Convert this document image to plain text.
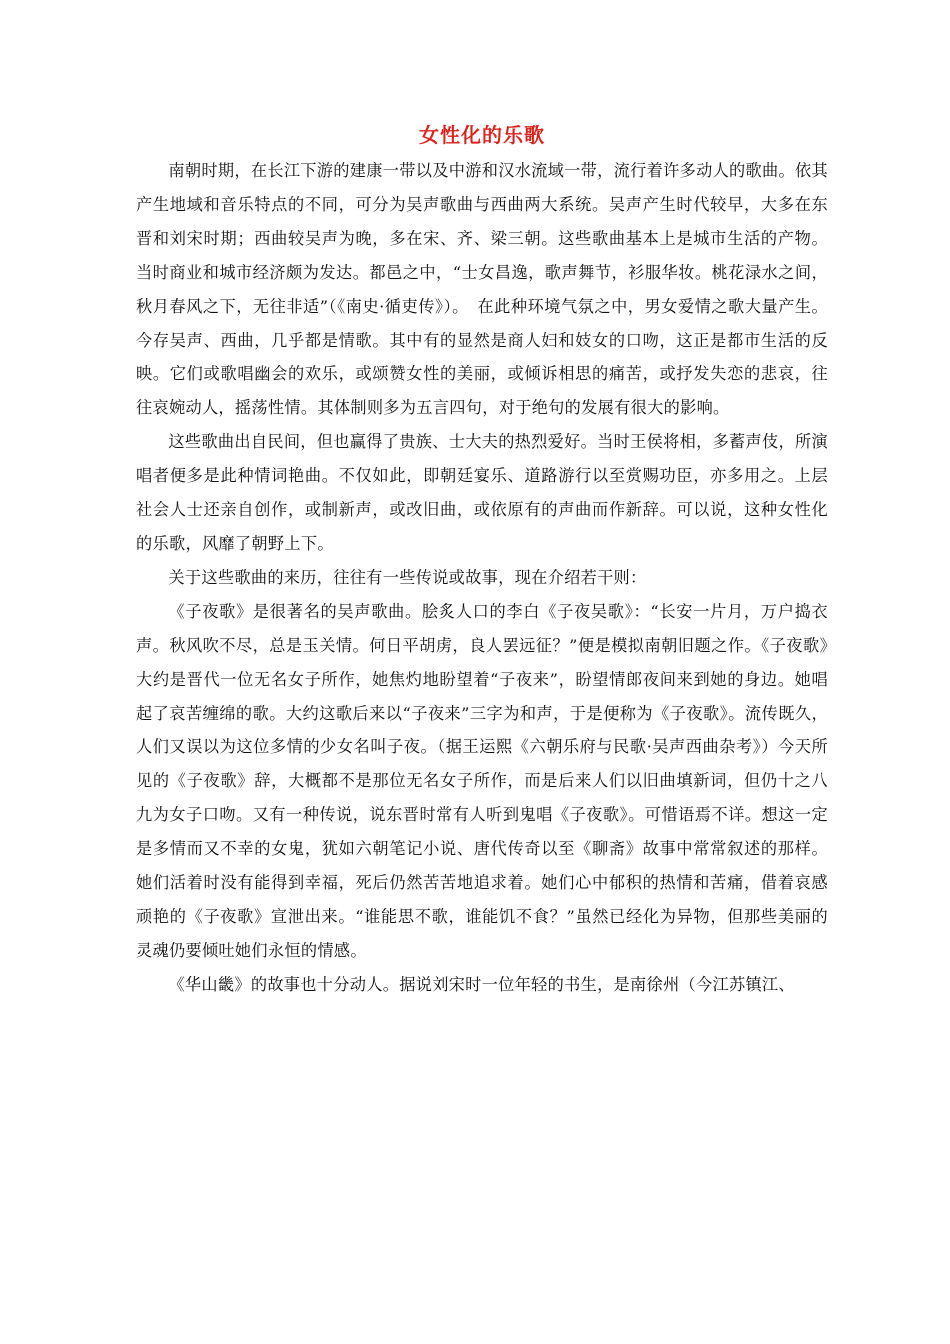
女性化的乐歌

南朝时期，在长江下游的建康一带以及中游和汉水流域一带，流行着许多动人的歌曲。依其产生地域和音乐特点的不同，可分为吴声歌曲与西曲两大系统。吴声产生时代较早，大多在东晋和刘宋时期；西曲较吴声为晚，多在宋、齐、梁三朝。这些歌曲基本上是城市生活的产物。当时商业和城市经济颇为发达。都邑之中，“士女昌逸，歌声舞节，衫服华妆。桃花渌水之间，秋月春风之下，无往非适”（《南史·循吏传》）。　在此种环境气氛之中，男女爱情之歌大量产生。今存吴声、西曲，几乎都是情歌。其中有的显然是商人妇和妓女的口吻，这正是都市生活的反映。它们或歌唱幽会的欢乐，或颂赞女性的美丽，或倾诉相思的痛苦，或抒发失恋的悲哀，往往哀婉动人，摇荡性情。其体制则多为五言四句，对于绝句的发展有很大的影响。

这些歌曲出自民间，但也赢得了贵族、士大夫的热烈爱好。当时王侯将相，多蓄声伎，所演唱者便多是此种情词艳曲。不仅如此，即朝廷宴乐、道路游行以至赏赐功臣，亦多用之。上层社会人士还亲自创作，或制新声，或改旧曲，或依原有的声曲而作新辞。可以说，这种女性化的乐歌，风靡了朝野上下。

关于这些歌曲的来历，往往有一些传说或故事，现在介绍若干则：

《子夜歌》是很著名的吴声歌曲。脍炙人口的李白《子夜吴歌》：“长安一片月，万户捣衣声。秋风吹不尽，总是玉关情。何日平胡虏，良人罢远征？”便是模拟南朝旧题之作。《子夜歌》大约是晋代一位无名女子所作，她焦灼地盼望着“子夜来”，盼望情郎夜间来到她的身边。她唱起了哀苦缠绵的歌。大约这歌后来以“子夜来”三字为和声，于是便称为《子夜歌》。流传既久，人们又误以为这位多情的少女名叫子夜。（据王运熙《六朝乐府与民歌·吴声西曲杂考》）今天所见的《子夜歌》辞，大概都不是那位无名女子所作，而是后来人们以旧曲填新词，但仍十之八九为女子口吻。又有一种传说，说东晋时常有人听到鬼唱《子夜歌》。可惜语焉不详。想这一定是多情而又不幸的女鬼，犹如六朝笔记小说、唐代传奇以至《聊斋》故事中常常叙述的那样。她们活着时没有能得到幸福，死后仍然苦苦地追求着。她们心中郁积的热情和苦痛，借着哀感顽艳的《子夜歌》宣泄出来。“谁能思不歌，谁能饥不食？”虽然已经化为异物，但那些美丽的灵魂仍要倾吐她们永恒的情感。

《华山畿》的故事也十分动人。据说刘宋时一位年轻的书生，是南徐州（今江苏镇江、
